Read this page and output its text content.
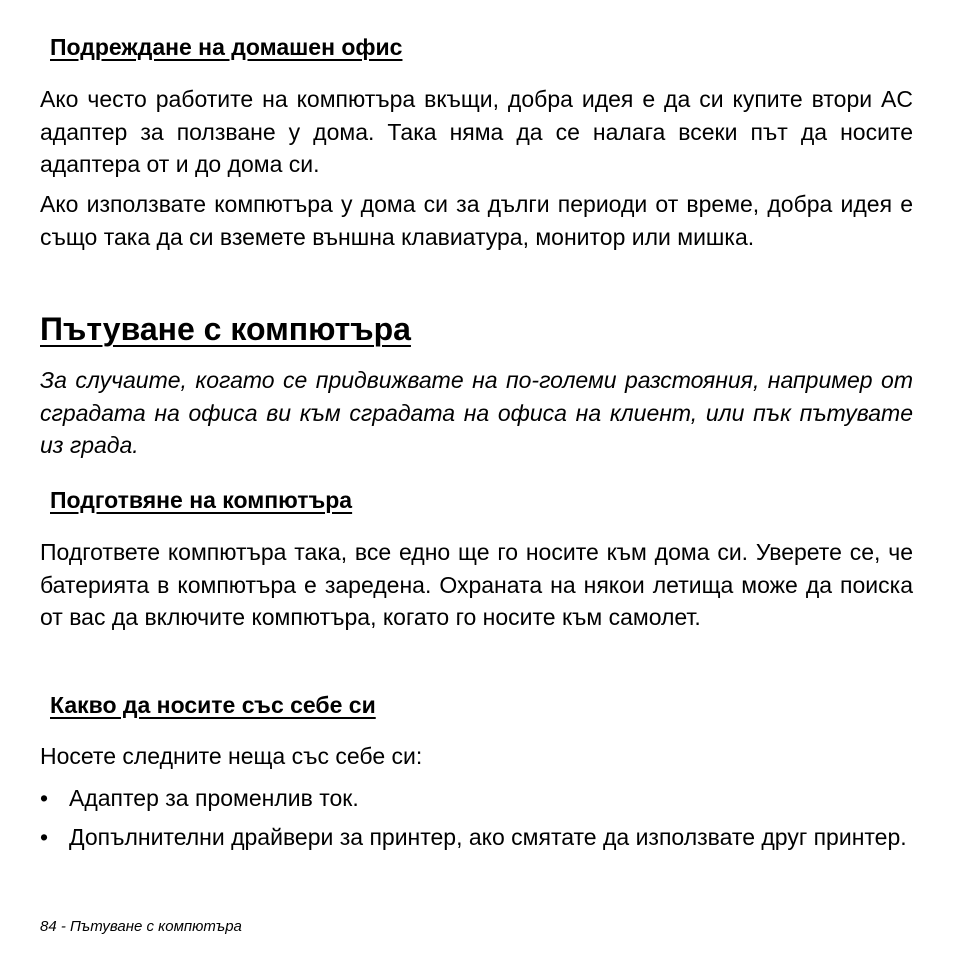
Подреждане на домашен офис

Ако често работите на компютъра вкъщи, добра идея е да си купите втори AC адаптер за ползване у дома. Така няма да се налага всеки път да носите адаптера от и до дома си.

Ако използвате компютъра у дома си за дълги периоди от време, добра идея е също така да си вземете външна клавиатура, монитор или мишка.

Пътуване с компютъра

За случаите, когато се придвижвате на по-големи разстояния, например от сградата на офиса ви към сградата на офиса на клиент, или пък пътувате из града.

Подготвяне на компютъра

Подгответе компютъра така, все едно ще го носите към дома си. Уверете се, че батерията в компютъра е заредена. Охраната на някои летища може да поиска от вас да включите компютъра, когато го носите към самолет.

Какво да носите със себе си

Носете следните неща със себе си:

• Адаптер за променлив ток.
• Допълнителни драйвери за принтер, ако смятате да използвате друг принтер.
84 - Пътуване с компютъра
